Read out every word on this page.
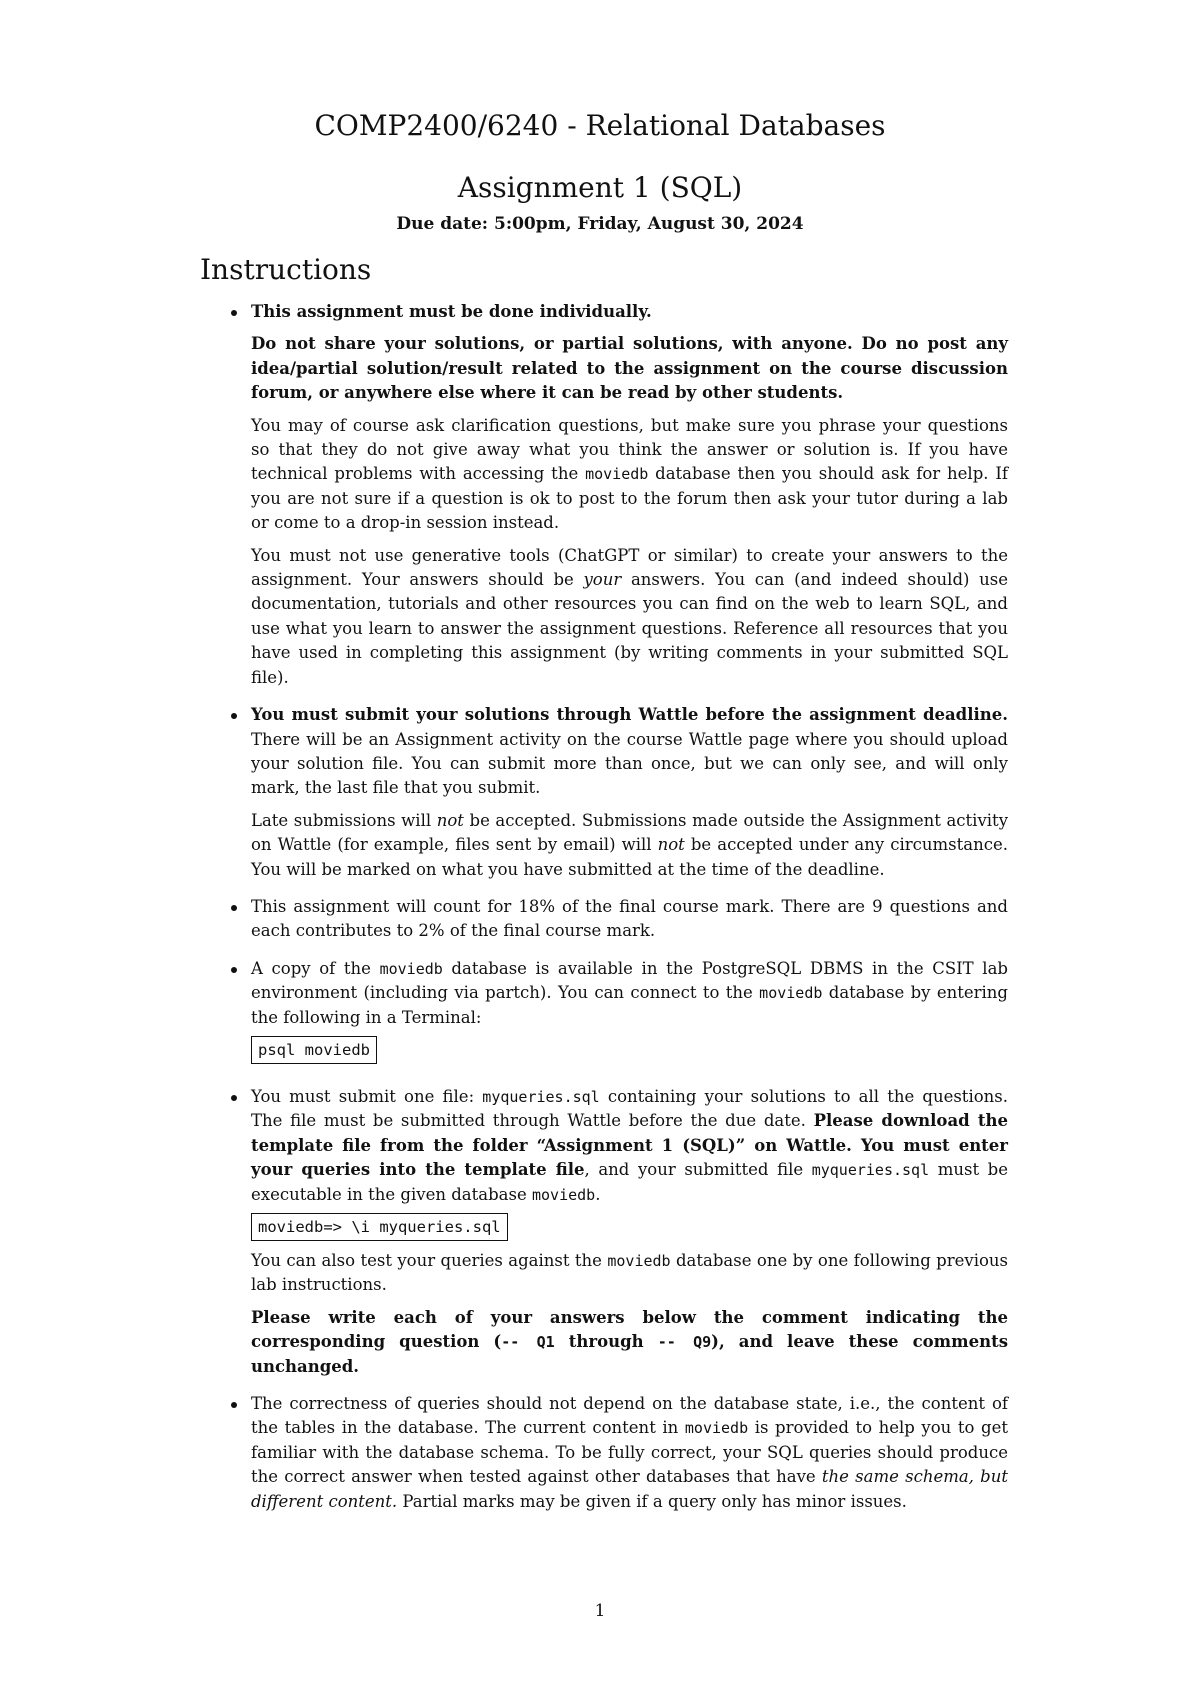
COMP2400/6240 - Relational Databases
Assignment 1 (SQL)
Due date: 5:00pm, Friday, August 30, 2024
Instructions

This assignment must be done individually.

Do not share your solutions, or partial solutions, with anyone. Do no post any idea/partial solution/result related to the assignment on the course discussion forum, or anywhere else where it can be read by other students.

You may of course ask clarification questions, but make sure you phrase your questions so that they do not give away what you think the answer or solution is. If you have technical problems with accessing the moviedb database then you should ask for help. If you are not sure if a question is ok to post to the forum then ask your tutor during a lab or come to a drop-in session instead.

You must not use generative tools (ChatGPT or similar) to create your answers to the assignment. Your answers should be your answers. You can (and indeed should) use documentation, tutorials and other resources you can find on the web to learn SQL, and use what you learn to answer the assignment questions. Reference all resources that you have used in completing this assignment (by writing comments in your submitted SQL file).

You must submit your solutions through Wattle before the assignment deadline. There will be an Assignment activity on the course Wattle page where you should upload your solution file. You can submit more than once, but we can only see, and will only mark, the last file that you submit.

Late submissions will not be accepted. Submissions made outside the Assignment activity on Wattle (for example, files sent by email) will not be accepted under any circumstance. You will be marked on what you have submitted at the time of the deadline.

This assignment will count for 18% of the final course mark. There are 9 questions and each contributes to 2% of the final course mark.

A copy of the moviedb database is available in the PostgreSQL DBMS in the CSIT lab environment (including via partch). You can connect to the moviedb database by entering the following in a Terminal:

psql moviedb

You must submit one file: myqueries.sql containing your solutions to all the questions. The file must be submitted through Wattle before the due date. Please download the template file from the folder “Assignment 1 (SQL)” on Wattle. You must enter your queries into the template file, and your submitted file myqueries.sql must be executable in the given database moviedb.

moviedb=> \i myqueries.sql

You can also test your queries against the moviedb database one by one following previous lab instructions.

Please write each of your answers below the comment indicating the corresponding question (-- Q1 through -- Q9), and leave these comments unchanged.

The correctness of queries should not depend on the database state, i.e., the content of the tables in the database. The current content in moviedb is provided to help you to get familiar with the database schema. To be fully correct, your SQL queries should produce the correct answer when tested against other databases that have the same schema, but different content. Partial marks may be given if a query only has minor issues.

1
